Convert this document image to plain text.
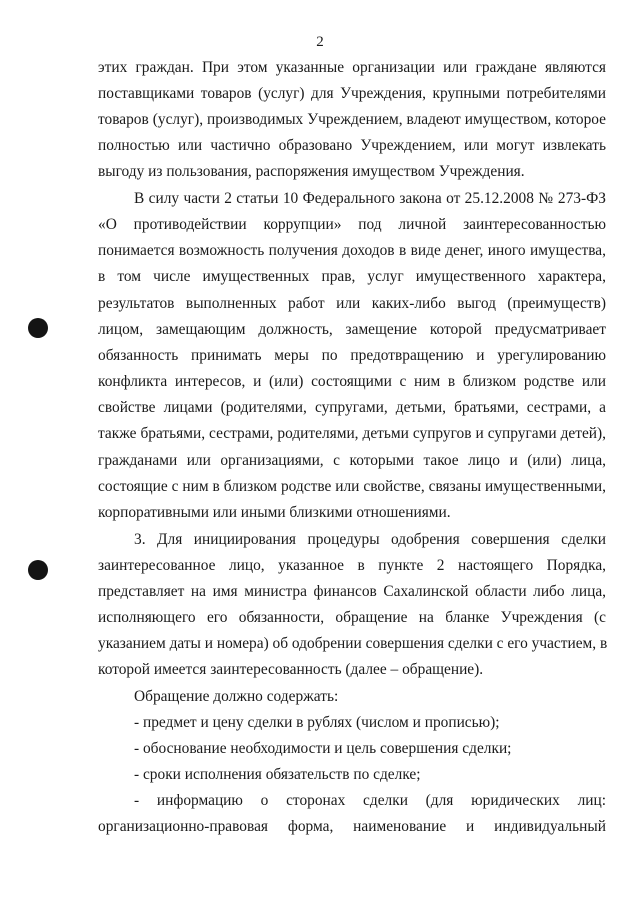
2
этих граждан. При этом указанные организации или граждане являются
поставщиками товаров (услуг) для Учреждения, крупными потребителями
товаров (услуг), производимых Учреждением, владеют имуществом, которое
полностью или частично образовано Учреждением, или могут извлекать
выгоду из пользования, распоряжения имуществом Учреждения.
В силу части 2 статьи 10 Федерального закона от 25.12.2008 № 273-ФЗ
«О противодействии коррупции» под личной заинтересованностью
понимается возможность получения доходов в виде денег, иного имущества,
в том числе имущественных прав, услуг имущественного характера,
результатов выполненных работ или каких-либо выгод (преимуществ)
лицом, замещающим должность, замещение которой предусматривает
обязанность принимать меры по предотвращению и урегулированию
конфликта интересов, и (или) состоящими с ним в близком родстве или
свойстве лицами (родителями, супругами, детьми, братьями, сестрами, а
также братьями, сестрами, родителями, детьми супругов и супругами детей),
гражданами или организациями, с которыми такое лицо и (или) лица,
состоящие с ним в близком родстве или свойстве, связаны имущественными,
корпоративными или иными близкими отношениями.
3. Для инициирования процедуры одобрения совершения сделки
заинтересованное лицо, указанное в пункте 2 настоящего Порядка,
представляет на имя министра финансов Сахалинской области либо лица,
исполняющего его обязанности, обращение на бланке Учреждения (с
указанием даты и номера) об одобрении совершения сделки с его участием, в
которой имеется заинтересованность (далее – обращение).
Обращение должно содержать:
- предмет и цену сделки в рублях (числом и прописью);
- обоснование необходимости и цель совершения сделки;
- сроки исполнения обязательств по сделке;
- информацию о сторонах сделки (для юридических лиц:
организационно-правовая форма, наименование и индивидуальный
